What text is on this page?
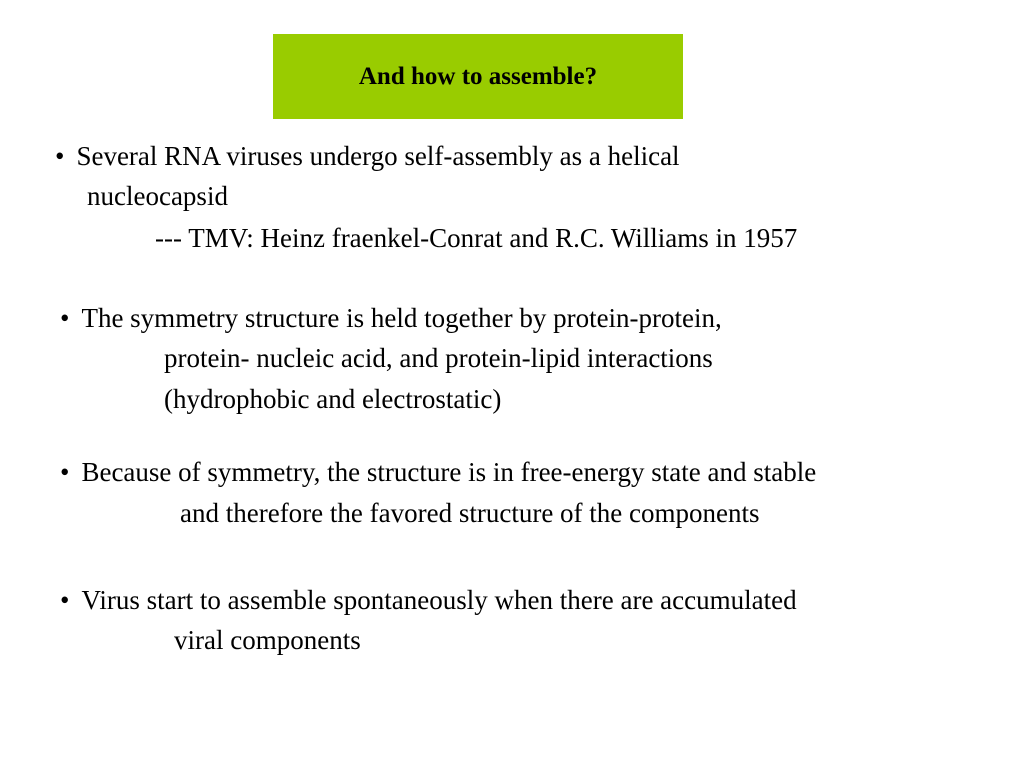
And how to assemble?
• Several RNA viruses undergo self-assembly as a helical
nucleocapsid
--- TMV: Heinz fraenkel-Conrat and R.C. Williams in 1957
• The symmetry structure is held together by protein-protein,
protein- nucleic acid, and protein-lipid interactions
(hydrophobic and electrostatic)
• Because of symmetry, the structure is in free-energy state and stable
and therefore the favored structure of the components
• Virus start to assemble spontaneously when there are accumulated
viral components
